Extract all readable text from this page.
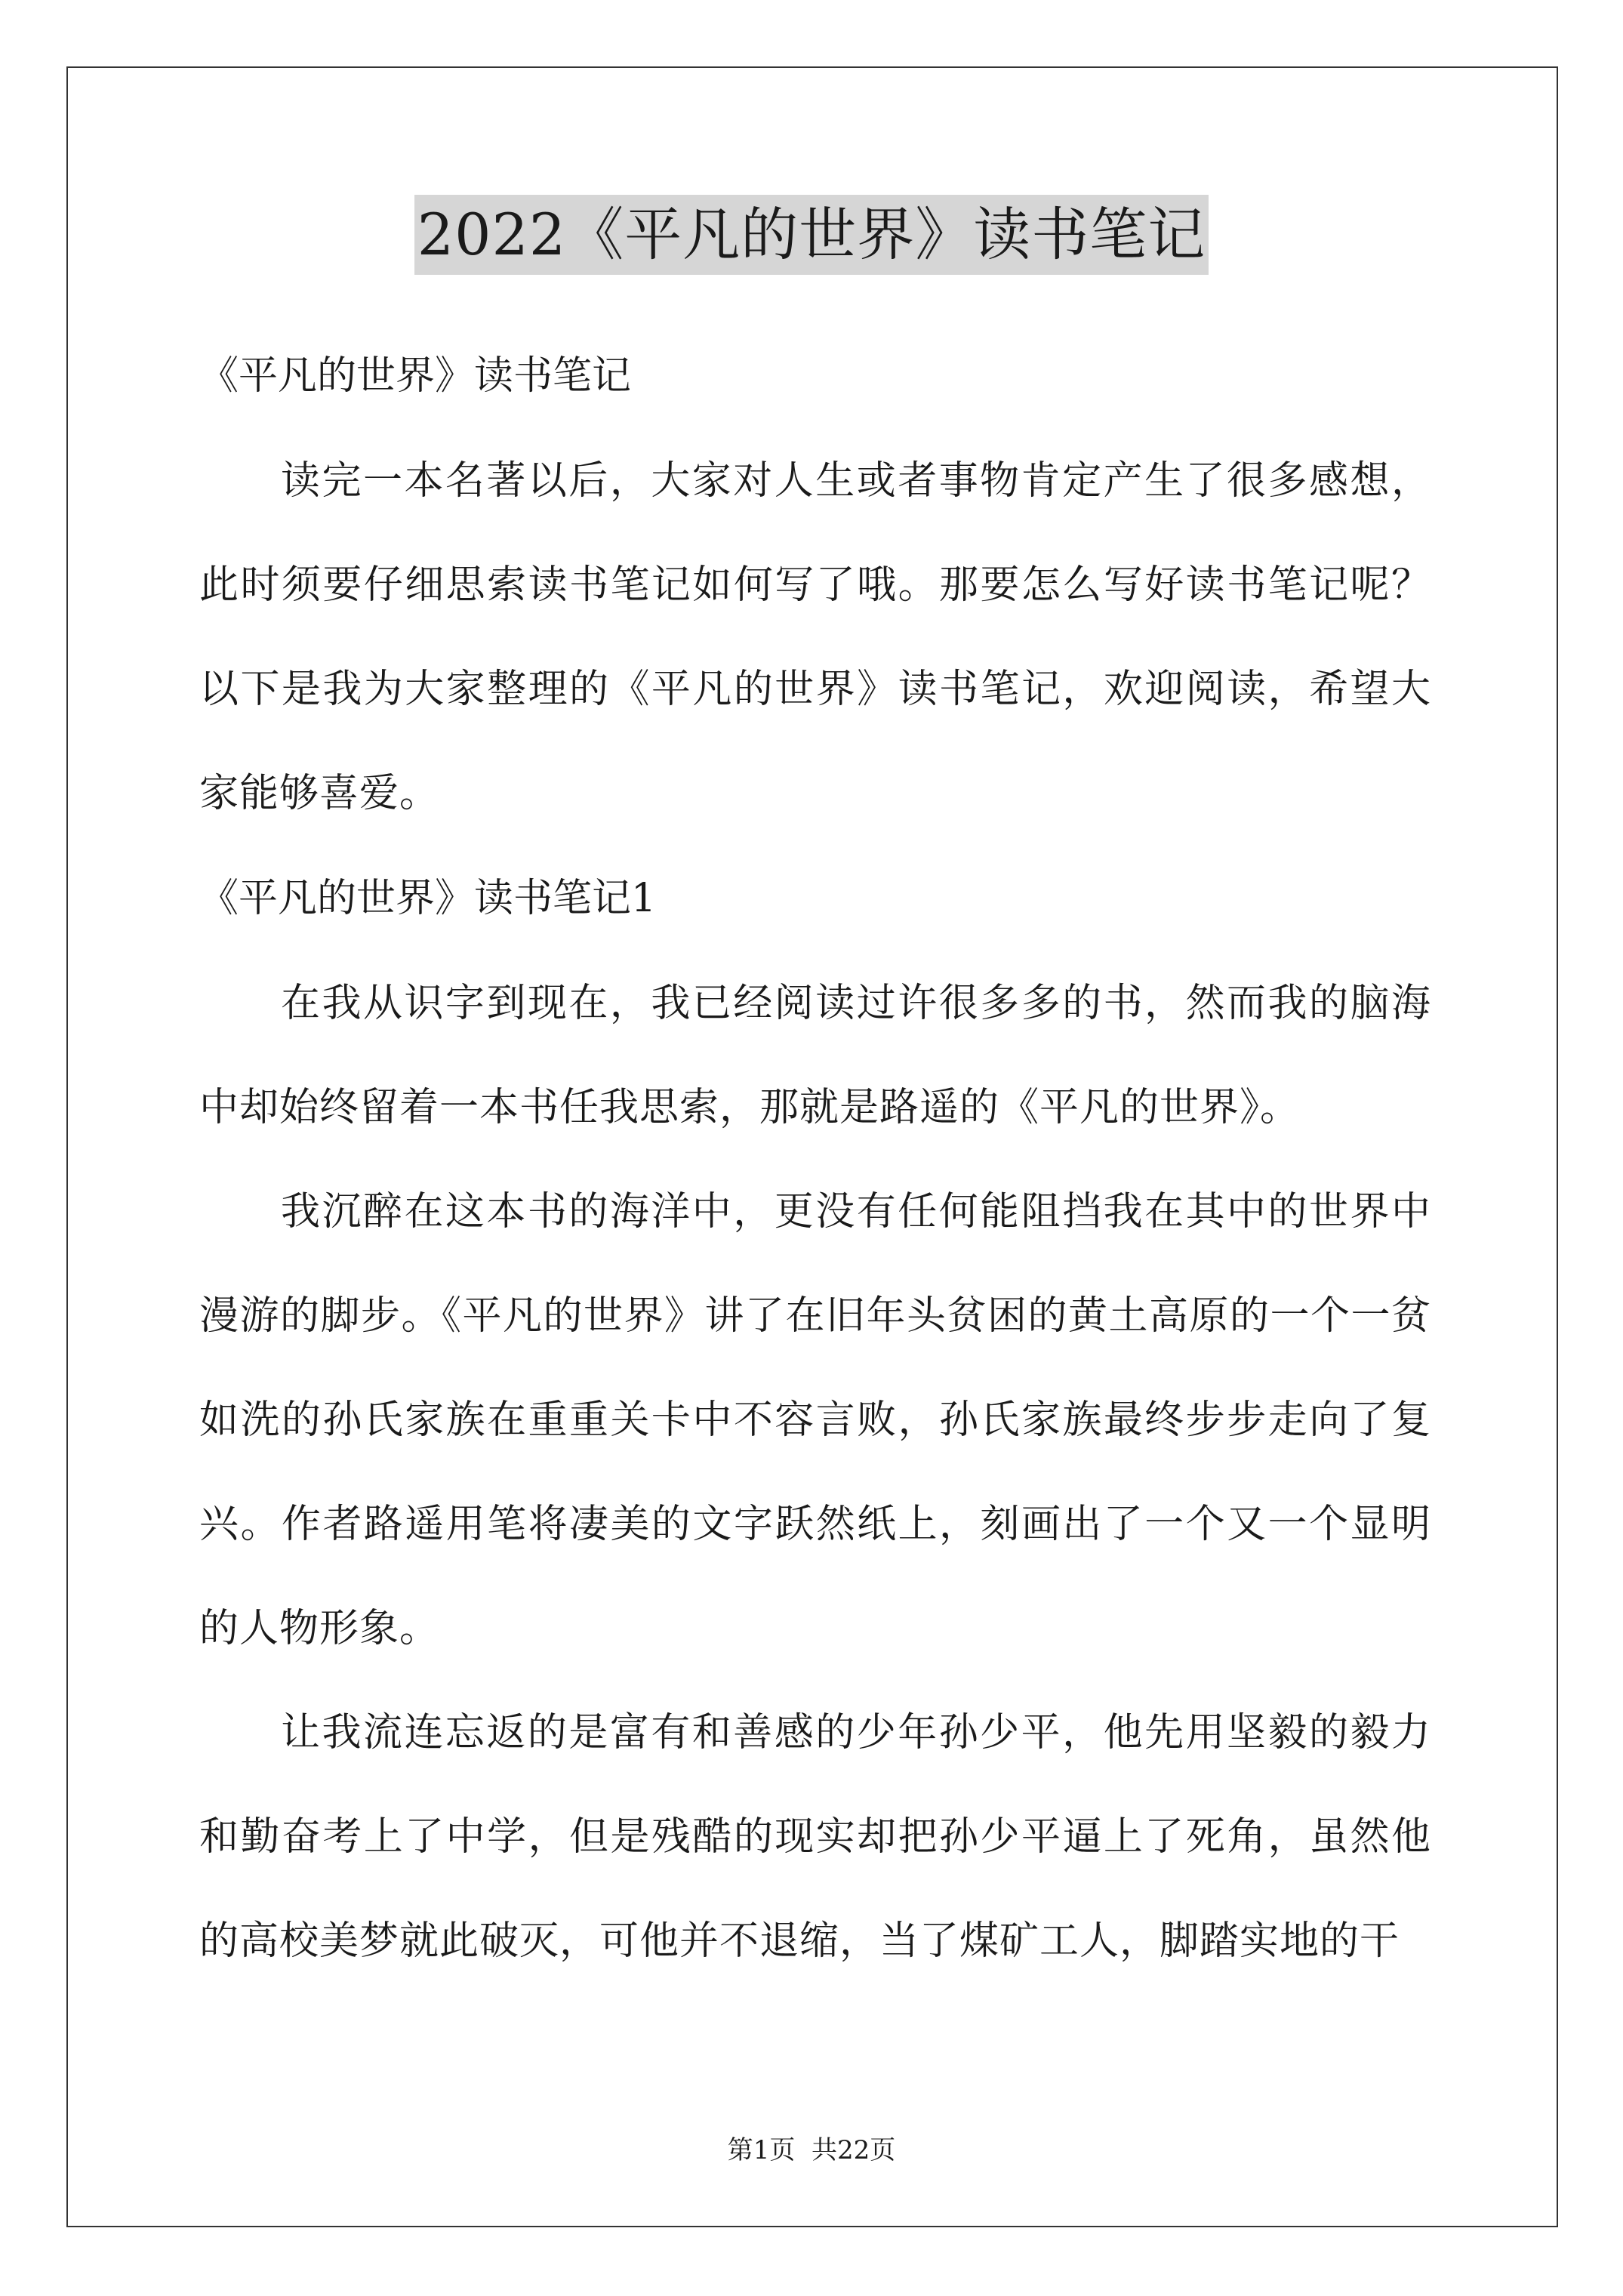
2022《平凡的世界》读书笔记

《平凡的世界》读书笔记

读完一本名著以后，大家对人生或者事物肯定产生了很多感想，此时须要仔细思索读书笔记如何写了哦。那要怎么写好读书笔记呢？以下是我为大家整理的《平凡的世界》读书笔记，欢迎阅读，希望大家能够喜爱。

《平凡的世界》读书笔记1

在我从识字到现在，我已经阅读过许很多多的书，然而我的脑海中却始终留着一本书任我思索，那就是路遥的《平凡的世界》。

我沉醉在这本书的海洋中，更没有任何能阻挡我在其中的世界中漫游的脚步。《平凡的世界》讲了在旧年头贫困的黄土高原的一个一贫如洗的孙氏家族在重重关卡中不容言败，孙氏家族最终步步走向了复兴。作者路遥用笔将凄美的文字跃然纸上，刻画出了一个又一个显明的人物形象。

让我流连忘返的是富有和善感的少年孙少平，他先用坚毅的毅力和勤奋考上了中学，但是残酷的现实却把孙少平逼上了死角，虽然他的高校美梦就此破灭，可他并不退缩，当了煤矿工人，脚踏实地的干

第1页  共22页
